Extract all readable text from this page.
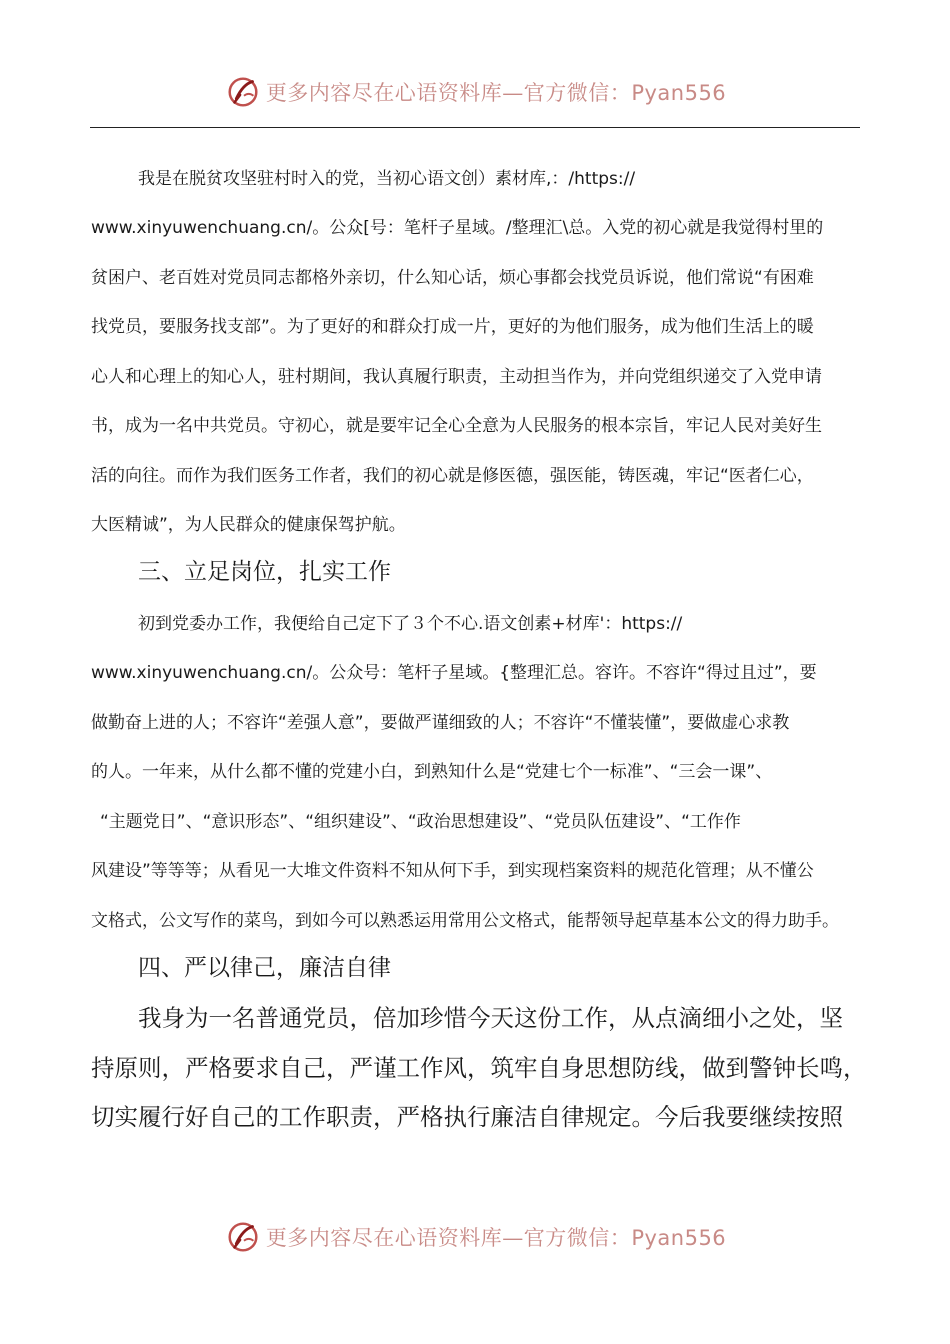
更多内容尽在心语资料库—官方微信：Pyan556
我是在脱贫攻坚驻村时入的党，当初心语文创）素材库,：/https://
www.xinyuwenchuang.cn/。公众[号：笔杆子星域。/整理汇\总。入党的初心就是我觉得村里的
贫困户、老百姓对党员同志都格外亲切，什么知心话，烦心事都会找党员诉说，他们常说“有困难
找党员，要服务找支部”。为了更好的和群众打成一片，更好的为他们服务，成为他们生活上的暖
心人和心理上的知心人，驻村期间，我认真履行职责，主动担当作为，并向党组织递交了入党申请
书，成为一名中共党员。守初心，就是要牢记全心全意为人民服务的根本宗旨，牢记人民对美好生
活的向往。而作为我们医务工作者，我们的初心就是修医德，强医能，铸医魂，牢记“医者仁心，
大医精诚”，为人民群众的健康保驾护航。
三、立足岗位，扎实工作
初到党委办工作，我便给自己定下了３个不心.语文创素+材库'：https://
www.xinyuwenchuang.cn/。公众号：笔杆子星域。{整理汇总。容许。不容许“得过且过”，要
做勤奋上进的人；不容许“差强人意”，要做严谨细致的人；不容许“不懂装懂”，要做虚心求教
的人。一年来，从什么都不懂的党建小白，到熟知什么是“党建七个一标准”、“三会一课”、
“主题党日”、“意识形态”、“组织建设”、“政治思想建设”、“党员队伍建设”、“工作作
风建设”等等等；从看见一大堆文件资料不知从何下手，到实现档案资料的规范化管理；从不懂公
文格式，公文写作的菜鸟，到如今可以熟悉运用常用公文格式，能帮领导起草基本公文的得力助手。
四、严以律己，廉洁自律
我身为一名普通党员，倍加珍惜今天这份工作，从点滴细小之处，坚
持原则，严格要求自己，严谨工作风，筑牢自身思想防线，做到警钟长鸣，
切实履行好自己的工作职责，严格执行廉洁自律规定。今后我要继续按照
更多内容尽在心语资料库—官方微信：Pyan556
